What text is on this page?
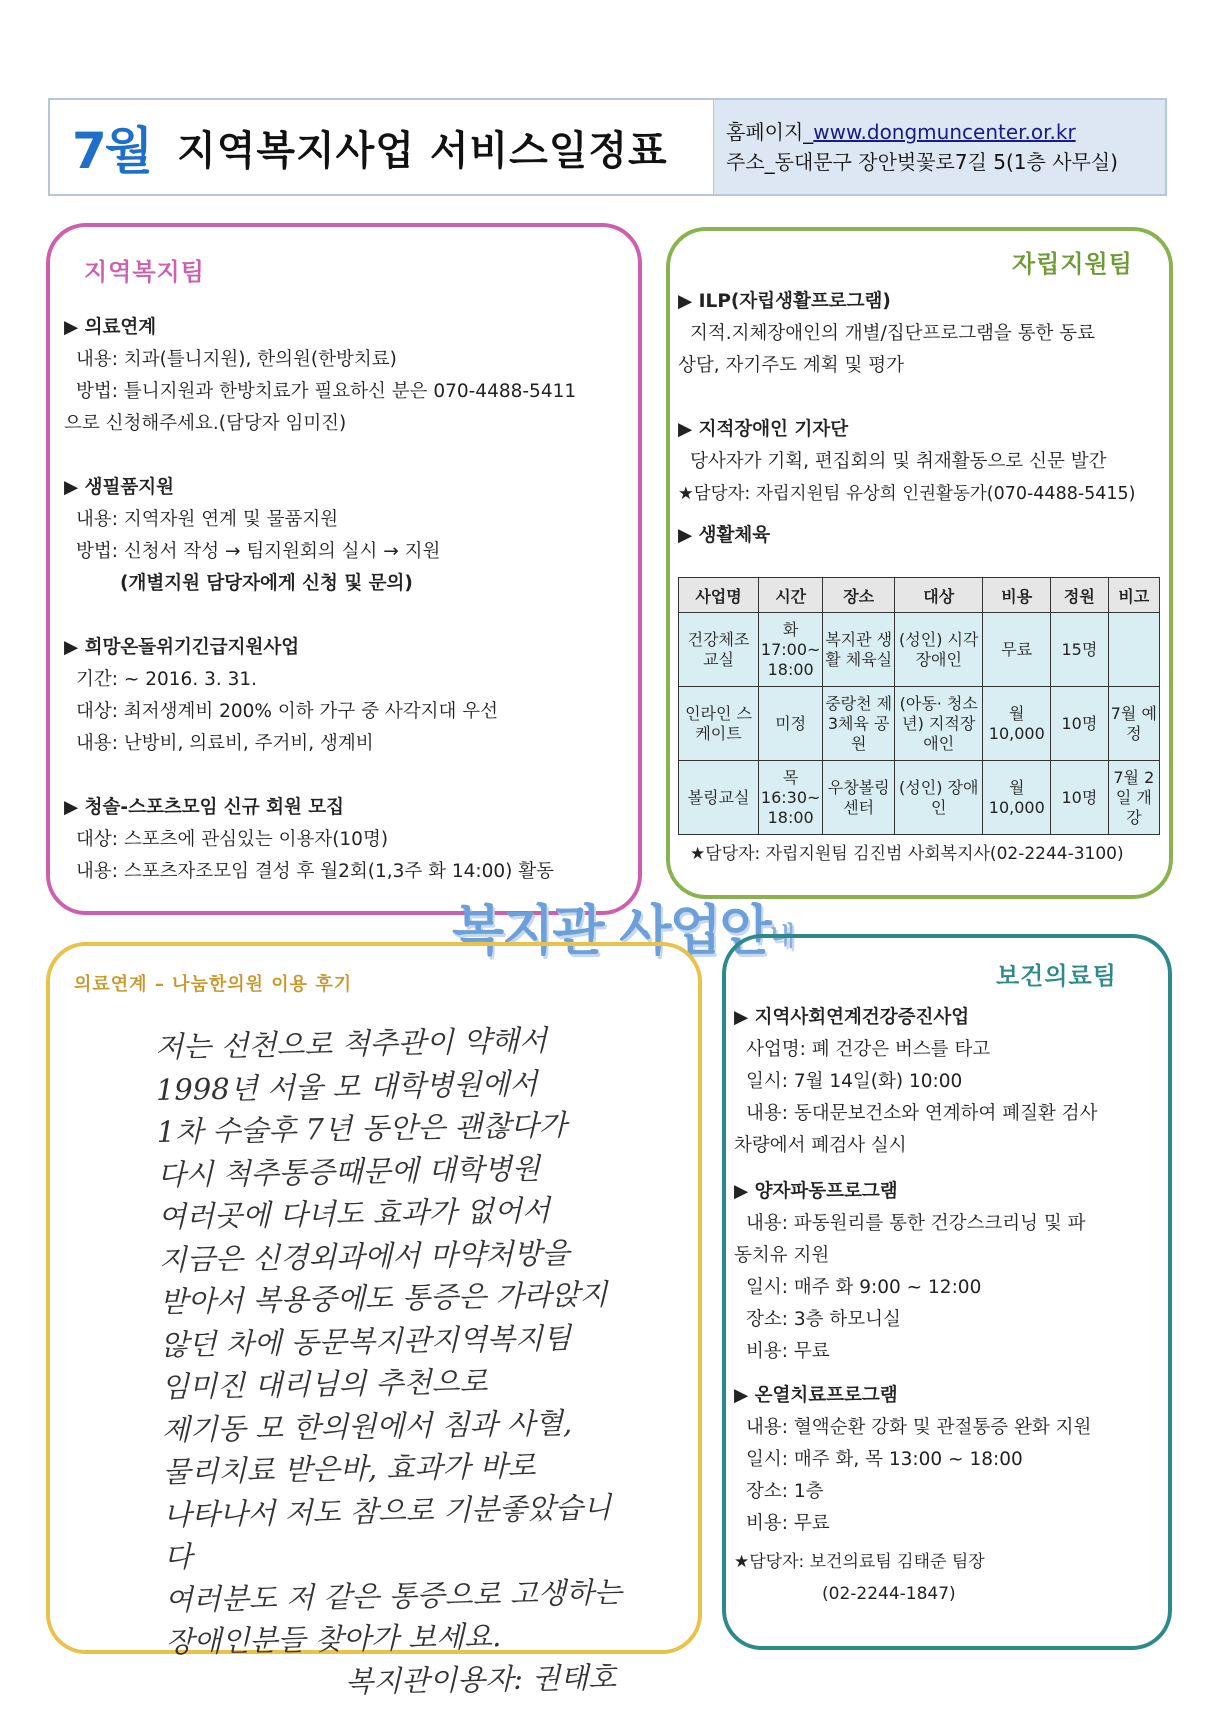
7월 지역복지사업 서비스일정표	홈페이지_www.dongmuncenter.or.kr
주소_동대문구 장안벚꽃로7길 5(1층 사무실)
지역복지팀
▶ 의료연계
내용: 치과(틀니지원), 한의원(한방치료)
방법: 틀니지원과 한방치료가 필요하신 분은 070-4488-5411
으로 신청해주세요.(담당자 임미진)
▶ 생필품지원
내용: 지역자원 연계 및 물품지원
방법: 신청서 작성 → 팀지원회의 실시 → 지원
(개별지원 담당자에게 신청 및 문의)
▶ 희망온돌위기긴급지원사업
기간: ~ 2016. 3. 31.
대상: 최저생계비 200% 이하 가구 중 사각지대 우선
내용: 난방비, 의료비, 주거비, 생계비
▶ 청솔-스포츠모임 신규 회원 모집
대상: 스포츠에 관심있는 이용자(10명)
내용: 스포츠자조모임 결성 후 월2회(1,3주 화 14:00) 활동
자립지원팀
▶ ILP(자립생활프로그램)
지적.지체장애인의 개별/집단프로그램을 통한 동료
상담, 자기주도 계획 및 평가
▶ 지적장애인 기자단
당사자가 기획, 편집회의 및 취재활동으로 신문 발간
★담당자: 자립지원팀 유상희 인권활동가(070-4488-5415)
▶ 생활체육
사업명	시간	장소	대상	비용	정원	비고
건강체조 교실	화 17:00~ 18:00	복지관 생활 체육실	(성인) 시각장애인	무료	15명	
인라인 스케이트	미정	중랑천 제3체육 공원	(아동· 청소년) 지적장애인	월 10,000	10명	7월 예정
볼링교실	목 16:30~ 18:00	우창볼링 센터	(성인) 장애인	월 10,000	10명	7월 2일 개강
★담당자: 자립지원팀 김진범 사회복지사(02-2244-3100)
복지관 사업안내
의료연계 – 나눔한의원 이용 후기
저는 선천으로 척추관이 약해서
1998년 서울 모 대학병원에서
1차 수술후 7년 동안은 괜찮다가
다시 척추통증때문에 대학병원
여러곳에 다녀도 효과가 없어서
지금은 신경외과에서 마약처방을
받아서 복용중에도 통증은 가라앉지
않던 차에 동문복지관지역복지팀
임미진 대리님의 추천으로
제기동 모 한의원에서 침과 사혈,
물리치료 받은바, 효과가 바로
나타나서 저도 참으로 기분좋았습니다
여러분도 저 같은 통증으로 고생하는
장애인분들 찾아가 보세요.
복지관이용자: 권태호
보건의료팀
▶ 지역사회연계건강증진사업
사업명: 폐 건강은 버스를 타고
일시: 7월 14일(화) 10:00
내용: 동대문보건소와 연계하여 폐질환 검사
차량에서 폐검사 실시
▶ 양자파동프로그램
내용: 파동원리를 통한 건강스크리닝 및 파
동치유 지원
일시: 매주 화 9:00 ~ 12:00
장소: 3층 하모니실
비용: 무료
▶ 온열치료프로그램
내용: 혈액순환 강화 및 관절통증 완화 지원
일시: 매주 화, 목 13:00 ~ 18:00
장소: 1층
비용: 무료
★담당자: 보건의료팀 김태준 팀장
(02-2244-1847)
